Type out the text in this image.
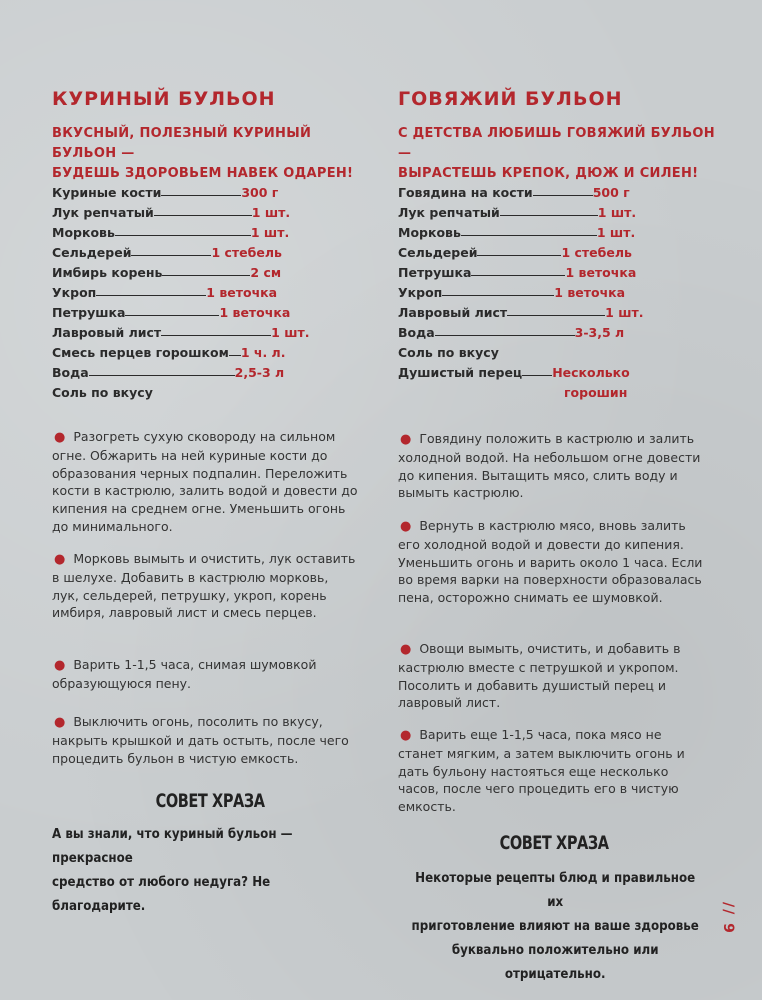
КУРИНЫЙ БУЛЬОН

ВКУСНЫЙ, ПОЛЕЗНЫЙ КУРИНЫЙ БУЛЬОН —
БУДЕШЬ ЗДОРОВЬЕМ НАВЕК ОДАРЕН!

Куриные кости	300 г
Лук репчатый	1 шт.
Морковь	1 шт.
Сельдерей	1 стебель
Имбирь корень	2 см
Укроп	1 веточка
Петрушка	1 веточка
Лавровый лист	1 шт.
Смесь перцев горошком 1 ч. л.
Вода	2,5-3 л
Соль по вкусу

● Разогреть сухую сковороду на сильном огне. Обжарить на ней куриные кости до образования черных подпалин. Переложить кости в кастрюлю, залить водой и довести до кипения на среднем огне. Уменьшить огонь до минимального.

● Морковь вымыть и очистить, лук оставить в шелухе. Добавить в кастрюлю морковь, лук, сельдерей, петрушку, укроп, корень имбиря, лавровый лист и смесь перцев.

● Варить 1-1,5 часа, снимая шумовкой образующуюся пену.

● Выключить огонь, посолить по вкусу, накрыть крышкой и дать остыть, после чего процедить бульон в чистую емкость.

СОВЕТ ХРАЗА

А вы знали, что куриный бульон — прекрасное
средство от любого недуга? Не благодарите.

ГОВЯЖИЙ БУЛЬОН

С ДЕТСТВА ЛЮБИШЬ ГОВЯЖИЙ БУЛЬОН —
ВЫРАСТЕШЬ КРЕПОК, ДЮЖ И СИЛЕН!

Говядина на кости	500 г
Лук репчатый	1 шт.
Морковь	1 шт.
Сельдерей	1 стебель
Петрушка	1 веточка
Укроп	1 веточка
Лавровый лист	1 шт.
Вода	3-3,5 л
Соль по вкусу
Душистый перец Несколько
горошин

● Говядину положить в кастрюлю и залить холодной водой. На небольшом огне довести до кипения. Вытащить мясо, слить воду и вымыть кастрюлю.

● Вернуть в кастрюлю мясо, вновь залить его холодной водой и довести до кипения. Уменьшить огонь и варить около 1 часа. Если во время варки на поверхности образовалась пена, осторожно снимать ее шумовкой.

● Овощи вымыть, очистить, и добавить в кастрюлю вместе с петрушкой и укропом. Посолить и добавить душистый перец и лавровый лист.

● Варить еще 1-1,5 часа, пока мясо не станет мягким, а затем выключить огонь и дать бульону настояться еще несколько часов, после чего процедить его в чистую емкость.

СОВЕТ ХРАЗА

Некоторые рецепты блюд и правильное их
приготовление влияют на ваше здоровье
буквально положительно или отрицательно.

// 9
